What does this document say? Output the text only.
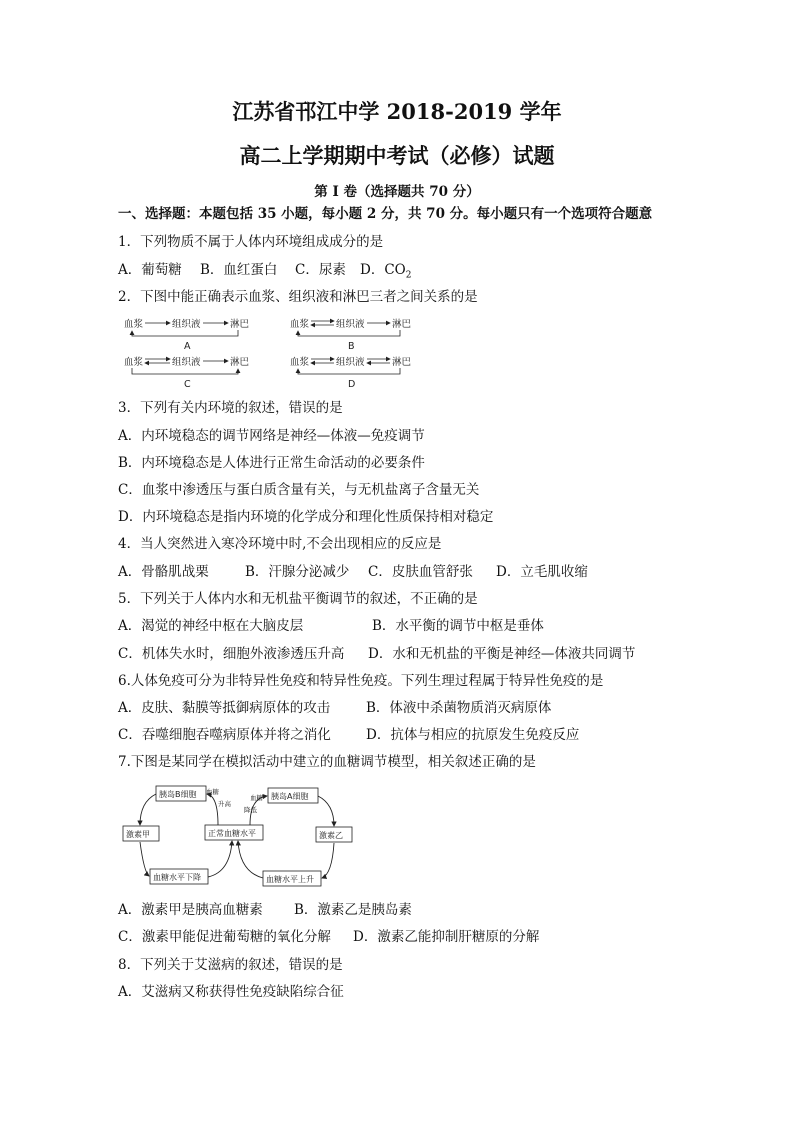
江苏省邗江中学 2018-2019 学年
高二上学期期中考试（必修）试题
第 I 卷（选择题共 70 分）
一、选择题：本题包括 35 小题，每小题 2 分，共 70 分。每小题只有一个选项符合题意
1．下列物质不属于人体内环境组成成分的是
A．葡萄糖 B．血红蛋白 C．尿素 D．$CO_2$
2．下图中能正确表示血浆、组织液和淋巴三者之间关系的是
血浆	组织液	淋巴
A
血浆	组织液	淋巴
B
血浆	组织液	淋巴
C
血浆	组织液	淋巴
D
3．下列有关内环境的叙述，错误的是
A．内环境稳态的调节网络是神经—体液—免疫调节
B．内环境稳态是人体进行正常生命活动的必要条件
C．血浆中渗透压与蛋白质含量有关，与无机盐离子含量无关
D．内环境稳态是指内环境的化学成分和理化性质保持相对稳定
4．当人突然进入寒冷环境中时,不会出现相应的反应是
A．骨骼肌战栗	B．汗腺分泌减少 C．皮肤血管舒张 D．立毛肌收缩
5．下列关于人体内水和无机盐平衡调节的叙述，不正确的是
A．渴觉的神经中枢在大脑皮层	B．水平衡的调节中枢是垂体
C．机体失水时，细胞外液渗透压升高 D．水和无机盐的平衡是神经—体液共同调节
6.人体免疫可分为非特异性免疫和特异性免疫。下列生理过程属于特异性免疫的是
A．皮肤、黏膜等抵御病原体的攻击	B．体液中杀菌物质消灭病原体
C．吞噬细胞吞噬病原体并将之消化	D．抗体与相应的抗原发生免疫反应
7.下图是某同学在模拟活动中建立的血糖调节模型，相关叙述正确的是
胰岛B细胞	胰岛A细胞
正常血糖水平
激素甲	激素乙
血糖水平下降	血糖水平上升
血糖
升高
血糖
降低
A．激素甲是胰高血糖素 B．激素乙是胰岛素
C．激素甲能促进葡萄糖的氧化分解 D．激素乙能抑制肝糖原的分解
8．下列关于艾滋病的叙述，错误的是
A．艾滋病又称获得性免疫缺陷综合征
